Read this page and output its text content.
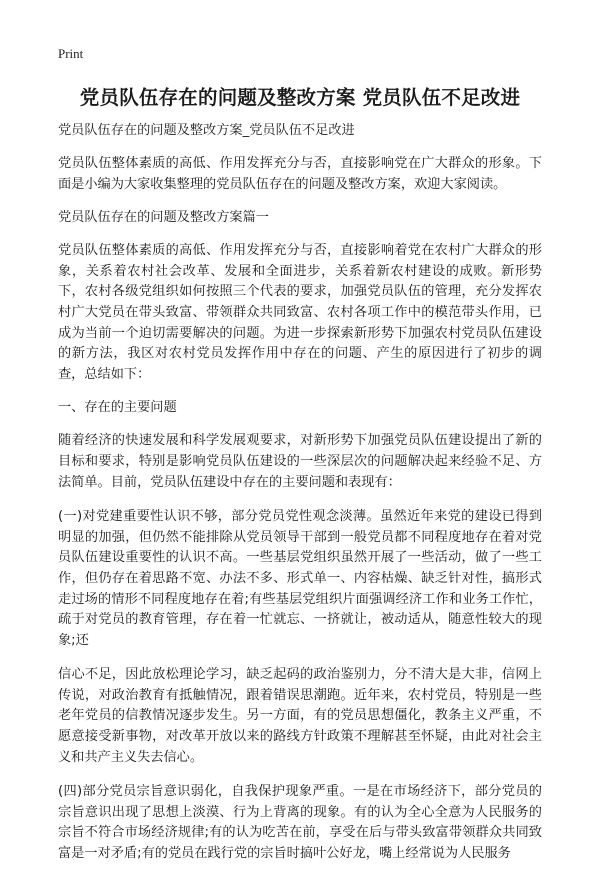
Print
党员队伍存在的问题及整改方案 党员队伍不足改进

党员队伍存在的问题及整改方案_党员队伍不足改进

党员队伍整体素质的高低、作用发挥充分与否，直接影响党在广大群众的形象。下面是小编为大家收集整理的党员队伍存在的问题及整改方案，欢迎大家阅读。

党员队伍存在的问题及整改方案篇一

党员队伍整体素质的高低、作用发挥充分与否，直接影响着党在农村广大群众的形象，关系着农村社会改革、发展和全面进步，关系着新农村建设的成败。新形势下，农村各级党组织如何按照三个代表的要求，加强党员队伍的管理，充分发挥农村广大党员在带头致富、带领群众共同致富、农村各项工作中的模范带头作用，已成为当前一个迫切需要解决的问题。为进一步探索新形势下加强农村党员队伍建设的新方法，我区对农村党员发挥作用中存在的问题、产生的原因进行了初步的调查，总结如下：

一、存在的主要问题

随着经济的快速发展和科学发展观要求，对新形势下加强党员队伍建设提出了新的目标和要求，特别是影响党员队伍建设的一些深层次的问题解决起来经验不足、方法简单。目前，党员队伍建设中存在的主要问题和表现有：

(一)对党建重要性认识不够，部分党员党性观念淡薄。虽然近年来党的建设已得到明显的加强，但仍然不能排除从党员领导干部到一般党员都不同程度地存在着对党员队伍建设重要性的认识不高。一些基层党组织虽然开展了一些活动，做了一些工作，但仍存在着思路不宽、办法不多、形式单一、内容枯燥、缺乏针对性，搞形式走过场的情形不同程度地存在着;有些基层党组织片面强调经济工作和业务工作忙，疏于对党员的教育管理，存在着一忙就忘、一挤就让，被动适从，随意性较大的现象;还

信心不足，因此放松理论学习，缺乏起码的政治鉴别力，分不清大是大非，信网上传说，对政治教育有抵触情况，跟着错误思潮跑。近年来，农村党员，特别是一些老年党员的信教情况逐步发生。另一方面，有的党员思想僵化，教条主义严重，不愿意接受新事物，对改革开放以来的路线方针政策不理解甚至怀疑，由此对社会主义和共产主义失去信心。

(四)部分党员宗旨意识弱化，自我保护现象严重。一是在市场经济下，部分党员的宗旨意识出现了思想上淡漠、行为上背离的现象。有的认为全心全意为人民服务的宗旨不符合市场经济规律;有的认为吃苦在前，享受在后与带头致富带领群众共同致富是一对矛盾;有的党员在践行党的宗旨时搞叶公好龙，嘴上经常说为人民服务
